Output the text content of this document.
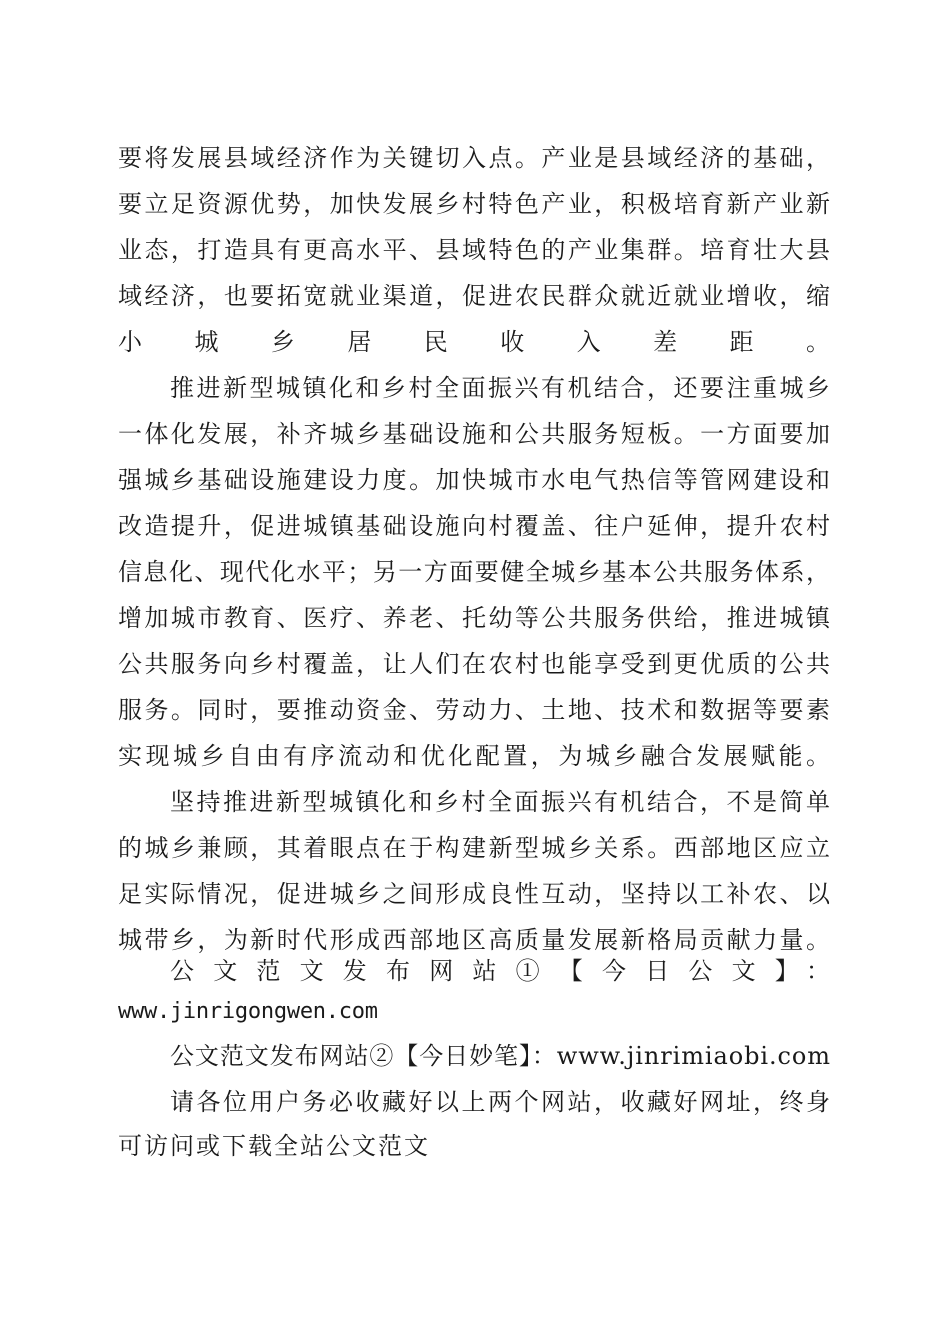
要将发展县域经济作为关键切入点。产业是县域经济的基础，
要立足资源优势，加快发展乡村特色产业，积极培育新产业新
业态，打造具有更高水平、县域特色的产业集群。培育壮大县
域经济，也要拓宽就业渠道，促进农民群众就近就业增收，缩
小城乡居民收入差距。
推进新型城镇化和乡村全面振兴有机结合，还要注重城乡
一体化发展，补齐城乡基础设施和公共服务短板。一方面要加
强城乡基础设施建设力度。加快城市水电气热信等管网建设和
改造提升，促进城镇基础设施向村覆盖、往户延伸，提升农村
信息化、现代化水平；另一方面要健全城乡基本公共服务体系，
增加城市教育、医疗、养老、托幼等公共服务供给，推进城镇
公共服务向乡村覆盖，让人们在农村也能享受到更优质的公共
服务。同时，要推动资金、劳动力、土地、技术和数据等要素
实现城乡自由有序流动和优化配置，为城乡融合发展赋能。
坚持推进新型城镇化和乡村全面振兴有机结合，不是简单
的城乡兼顾，其着眼点在于构建新型城乡关系。西部地区应立
足实际情况，促进城乡之间形成良性互动，坚持以工补农、以
城带乡，为新时代形成西部地区高质量发展新格局贡献力量。
公文范文发布网站①【今日公文】：
www.jinrigongwen.com
公文范文发布网站②【今日妙笔】：www.jinrimiaobi.com
请各位用户务必收藏好以上两个网站，收藏好网址，终身
可访问或下载全站公文范文
